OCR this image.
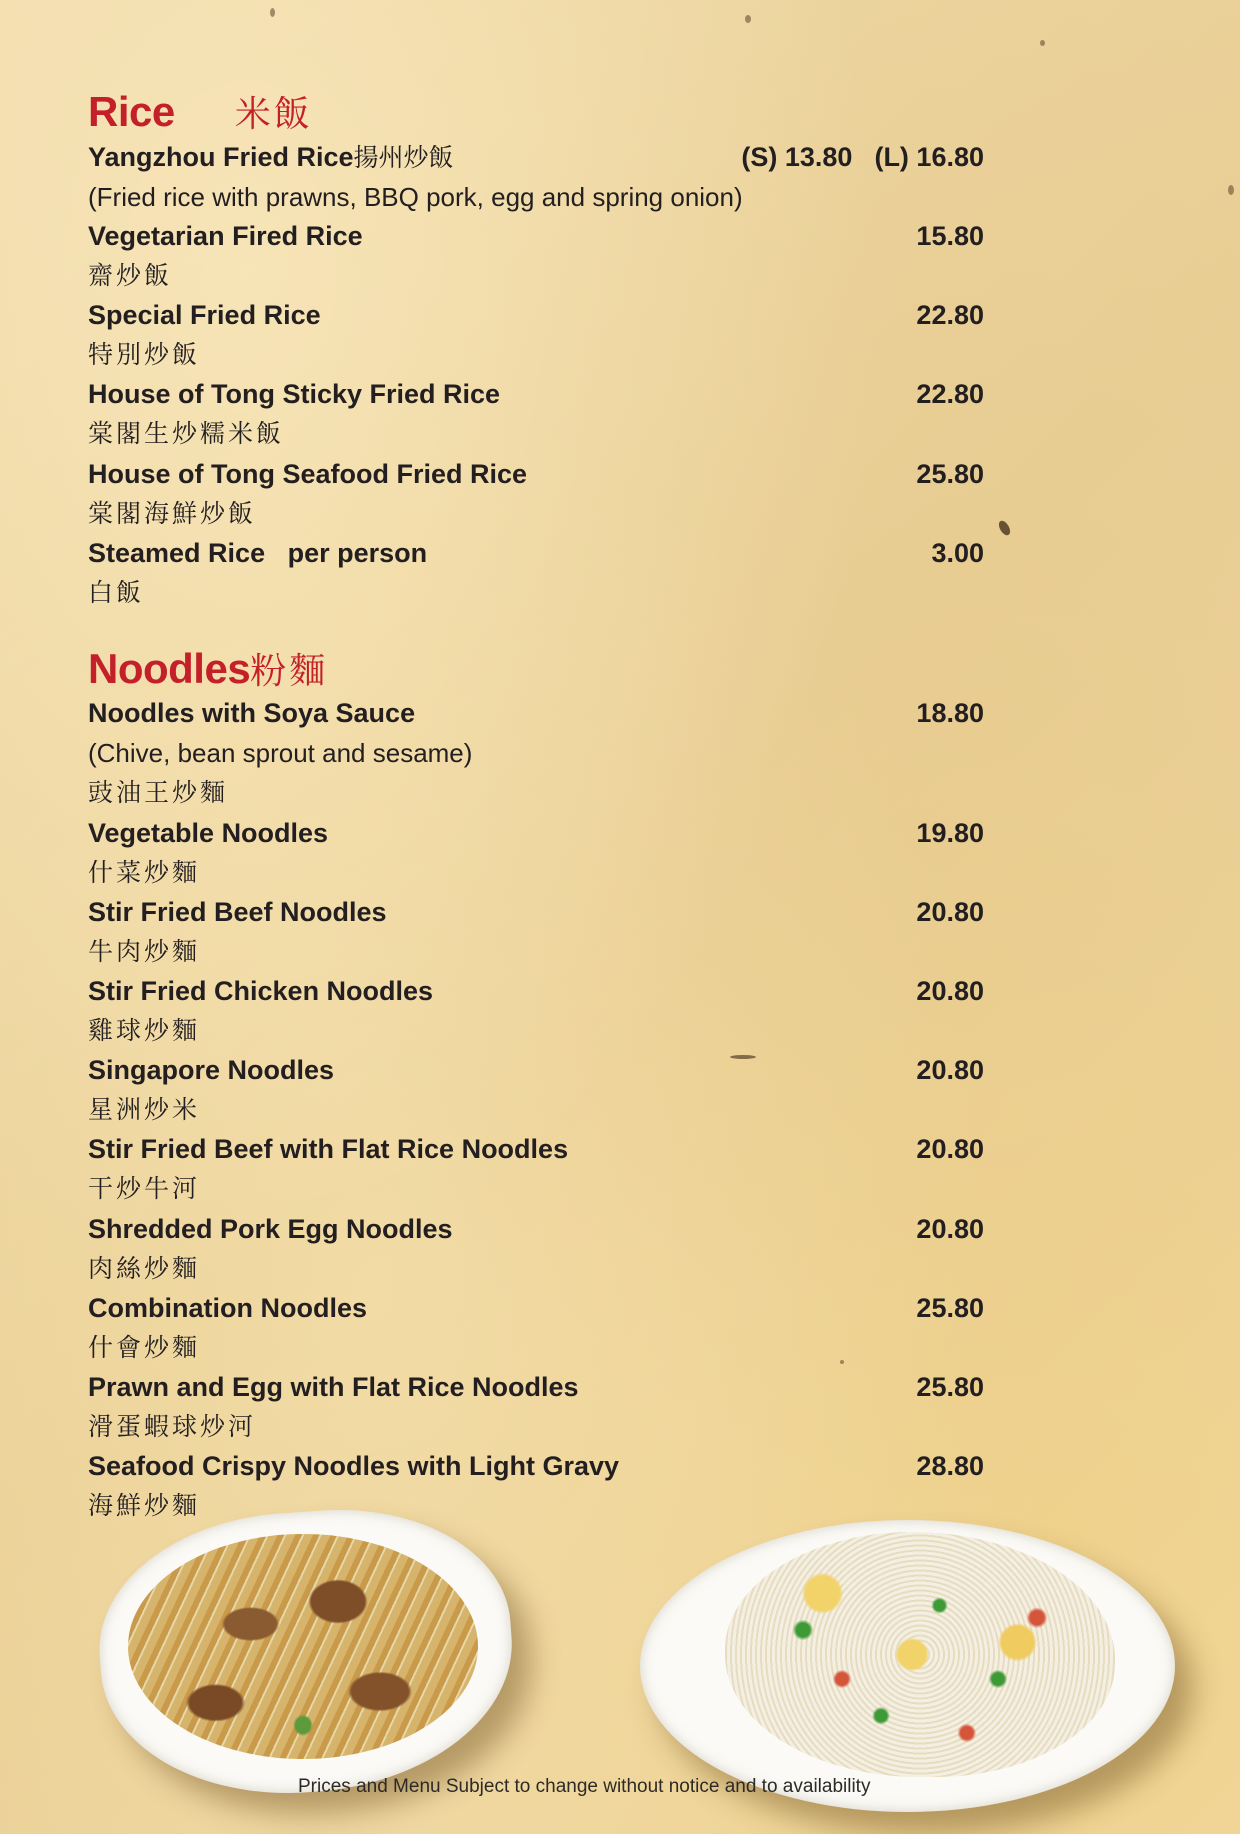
Rice 米飯
Yangzhou Fried Rice揚州炒飯	(S) 13.80 (L) 16.80
(Fried rice with prawns, BBQ pork, egg and spring onion)
Vegetarian Fired Rice	15.80
齋炒飯
Special Fried Rice	22.80
特別炒飯
House of Tong Sticky Fried Rice	22.80
棠閣生炒糯米飯
House of Tong Seafood Fried Rice	25.80
棠閣海鮮炒飯
Steamed Rice   per person	3.00
白飯
Noodles粉麵
Noodles with Soya Sauce	18.80
(Chive, bean sprout and sesame)
豉油王炒麵
Vegetable Noodles	19.80
什菜炒麵
Stir Fried Beef Noodles	20.80
牛肉炒麵
Stir Fried Chicken Noodles	20.80
雞球炒麵
Singapore Noodles	20.80
星洲炒米
Stir Fried Beef with Flat Rice Noodles	20.80
干炒牛河
Shredded Pork Egg Noodles	20.80
肉絲炒麵
Combination Noodles	25.80
什會炒麵
Prawn and Egg with Flat Rice Noodles	25.80
滑蛋蝦球炒河
Seafood Crispy Noodles with Light Gravy	28.80
海鮮炒麵
Prices and Menu Subject to change without notice and to availability
